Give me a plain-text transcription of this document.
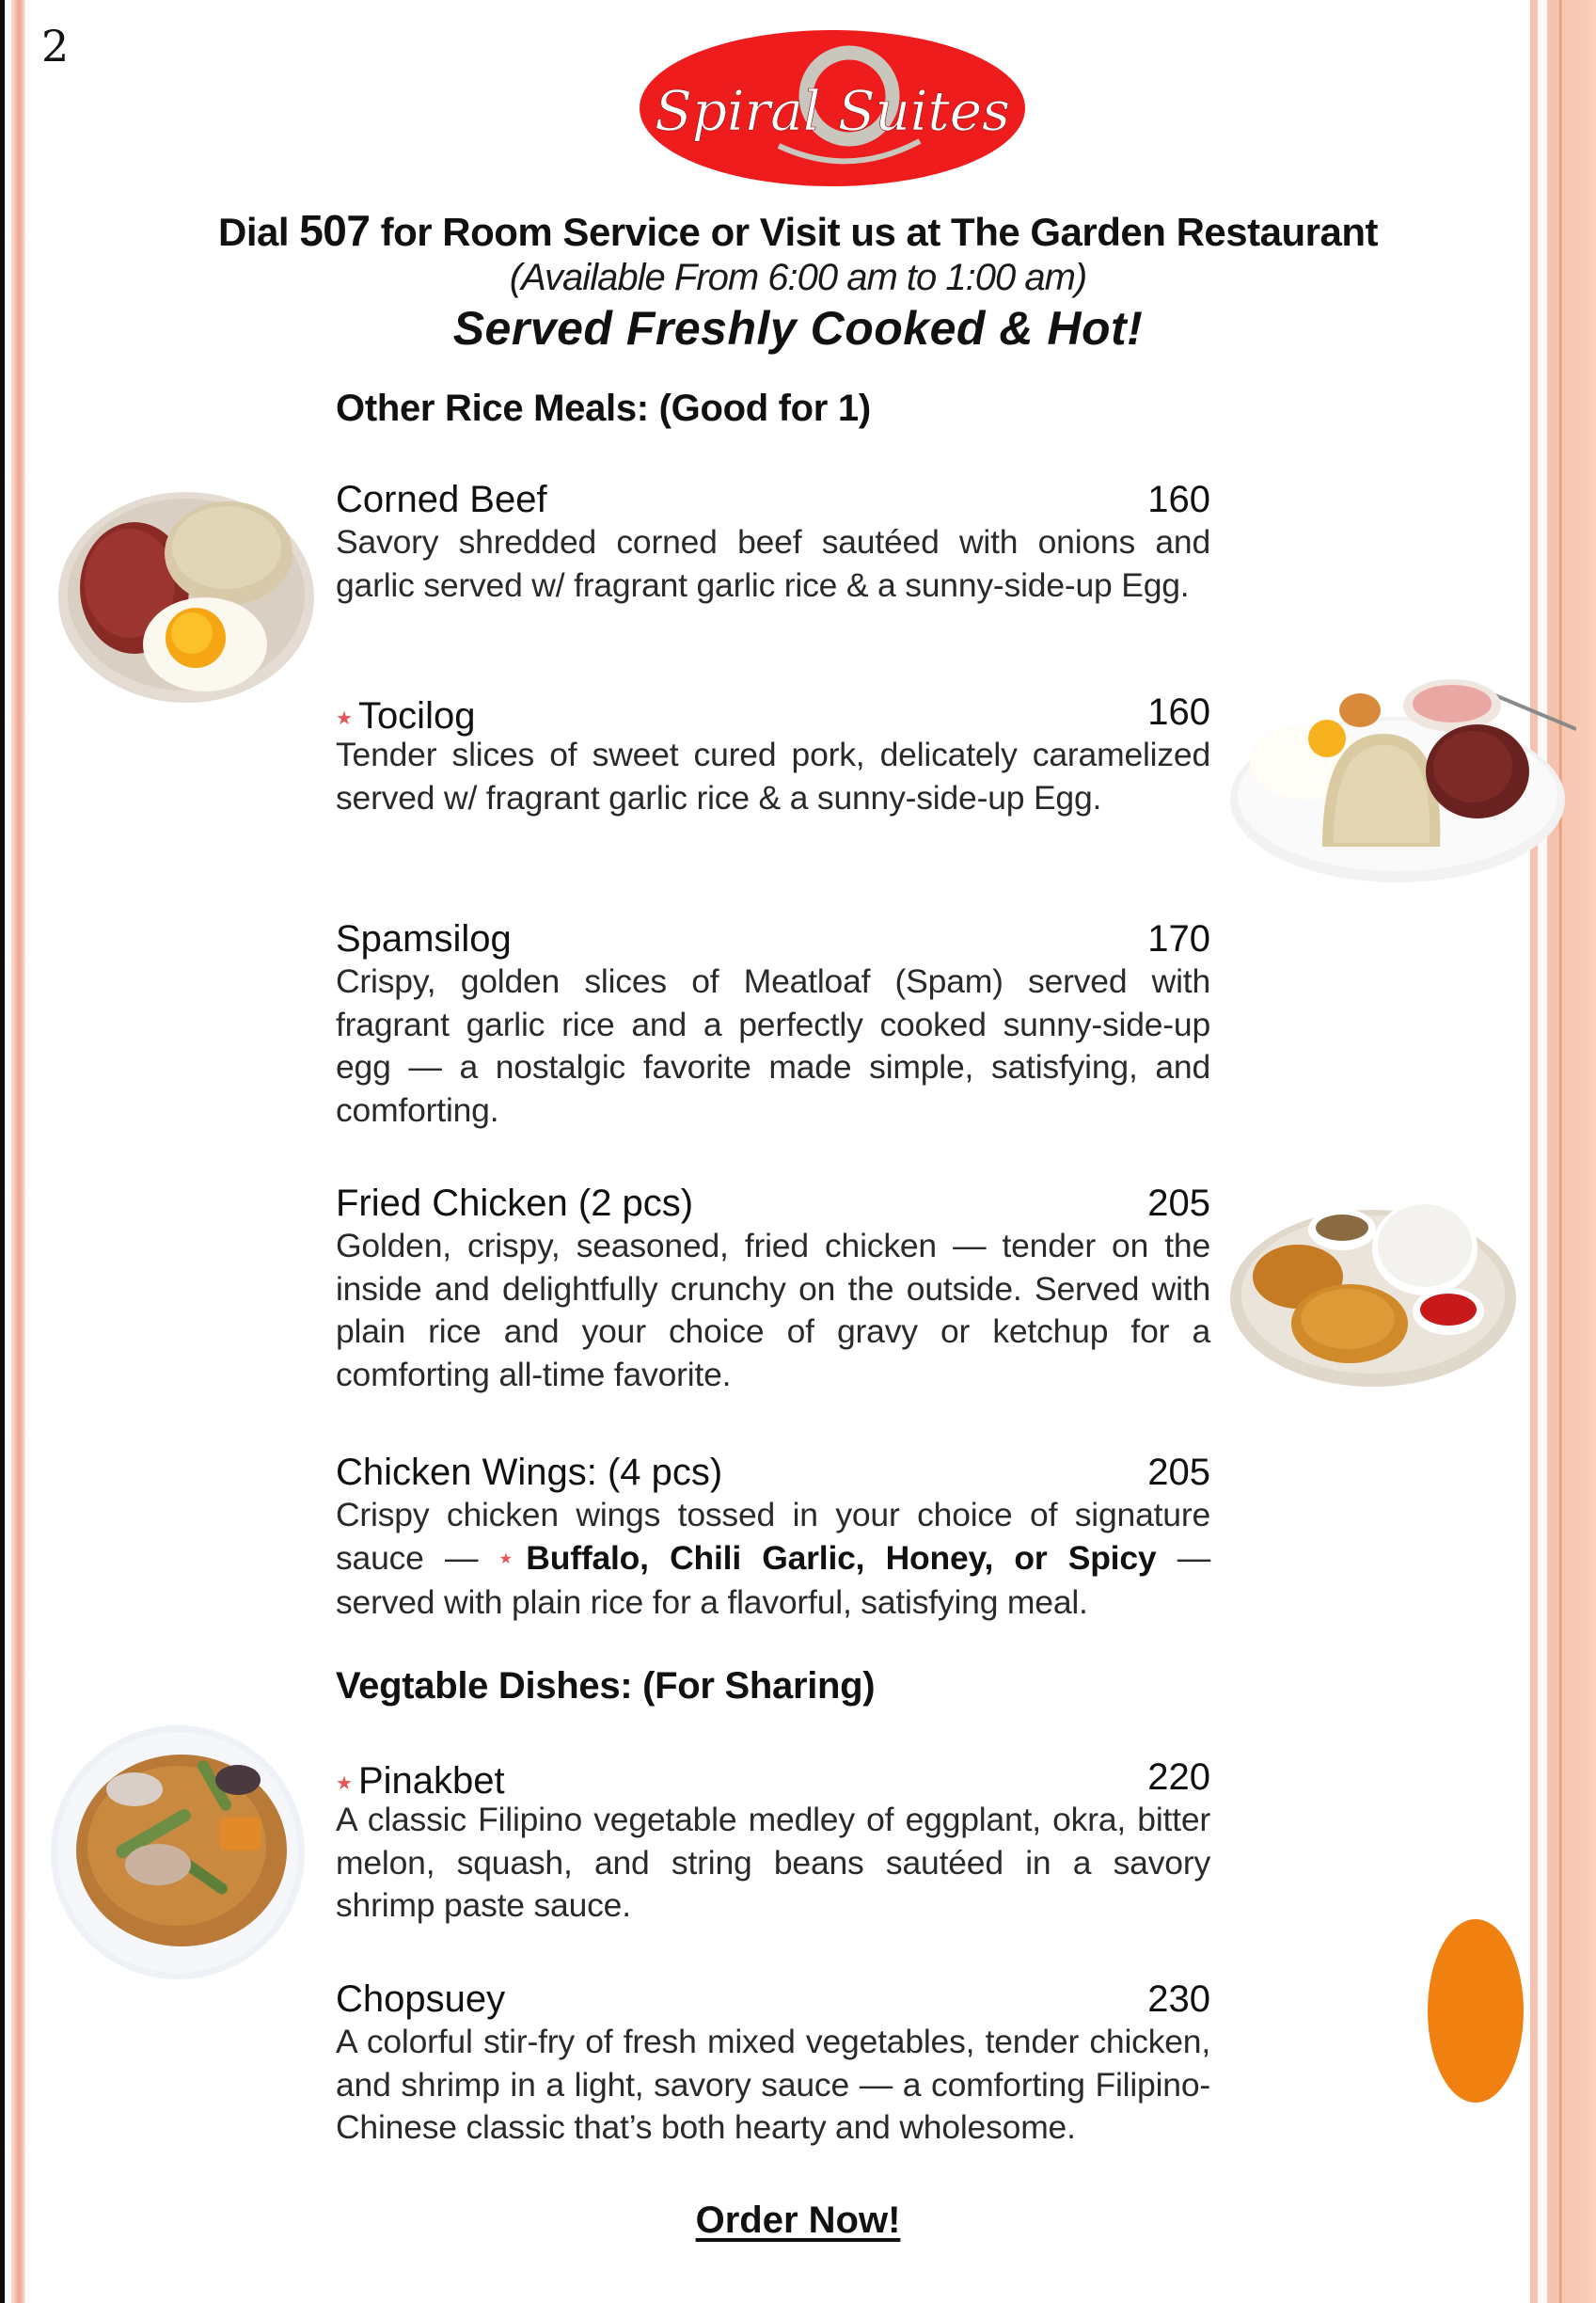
2
Spiral Suites
Dial 507 for Room Service or Visit us at The Garden Restaurant
(Available From 6:00 am to 1:00 am)
Served Freshly Cooked & Hot!
Other Rice Meals: (Good for 1)
Corned Beef	160
Savory shredded corned beef sautéed with onions and garlic served w/ fragrant garlic rice & a sunny-side-up Egg.
★ Tocilog	160
Tender slices of sweet cured pork, delicately caramelized served w/ fragrant garlic rice & a sunny-side-up Egg.
Spamsilog	170
Crispy, golden slices of Meatloaf (Spam) served with fragrant garlic rice and a perfectly cooked sunny-side-up egg — a nostalgic favorite made simple, satisfying, and comforting.
Fried Chicken (2 pcs)	205
Golden, crispy, seasoned, fried chicken — tender on the inside and delightfully crunchy on the outside. Served with plain rice and your choice of gravy or ketchup for a comforting all-time favorite.
Chicken Wings: (4 pcs)	205
Crispy chicken wings tossed in your choice of signature sauce — ★Buffalo, Chili Garlic, Honey, or Spicy — served with plain rice for a flavorful, satisfying meal.
Vegtable Dishes: (For Sharing)
★ Pinakbet	220
A classic Filipino vegetable medley of eggplant, okra, bitter melon, squash, and string beans sautéed in a savory shrimp paste sauce.
Chopsuey	230
A colorful stir-fry of fresh mixed vegetables, tender chicken, and shrimp in a light, savory sauce — a comforting Filipino-Chinese classic that’s both hearty and wholesome.
Order Now!
